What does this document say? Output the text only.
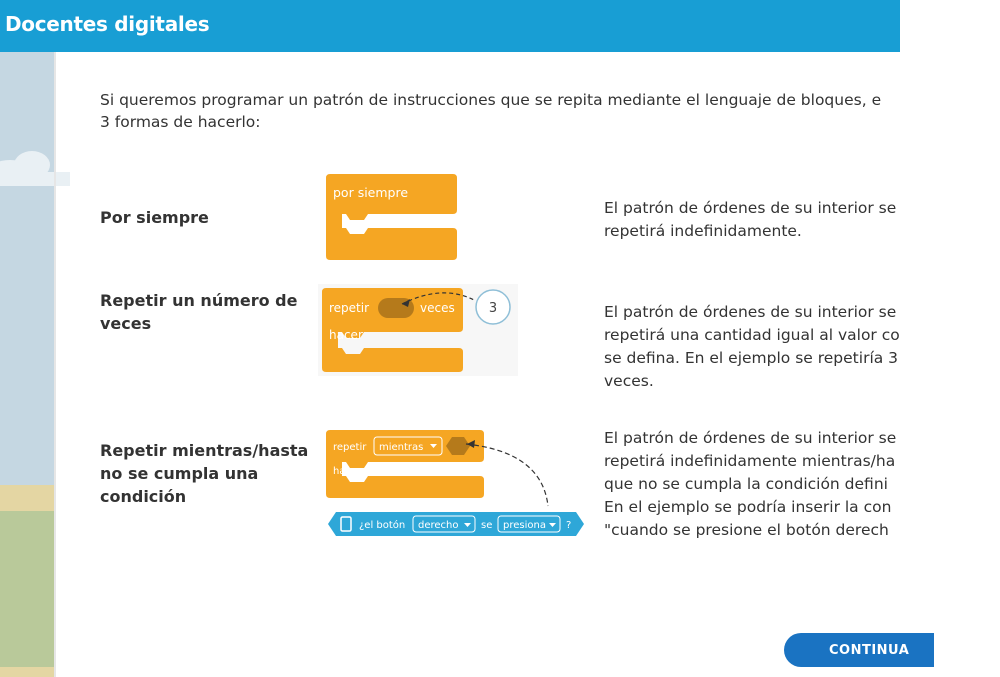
Docentes digitales

Si queremos programar un patrón de instrucciones que se repita mediante el lenguaje de bloques, e
3 formas de hacerlo:

Por siempre

por siempre

El patrón de órdenes de su interior se
repetirá indefinidamente.

Repetir un número de
veces

repetir	veces
hacer
3	El patrón de órdenes de su interior se
repetirá una cantidad igual al valor co
se defina. En el ejemplo se repetiría 3
veces.

Repetir mientras/hasta
no se cumpla una
condición

repetir mientras
hacer
¿el botón derecho se presiona ?

El patrón de órdenes de su interior se
repetirá indefinidamente mientras/ha
que no se cumpla la condición defini
En el ejemplo se podría inserir la con
"cuando se presione el botón derech

CONTINUA
